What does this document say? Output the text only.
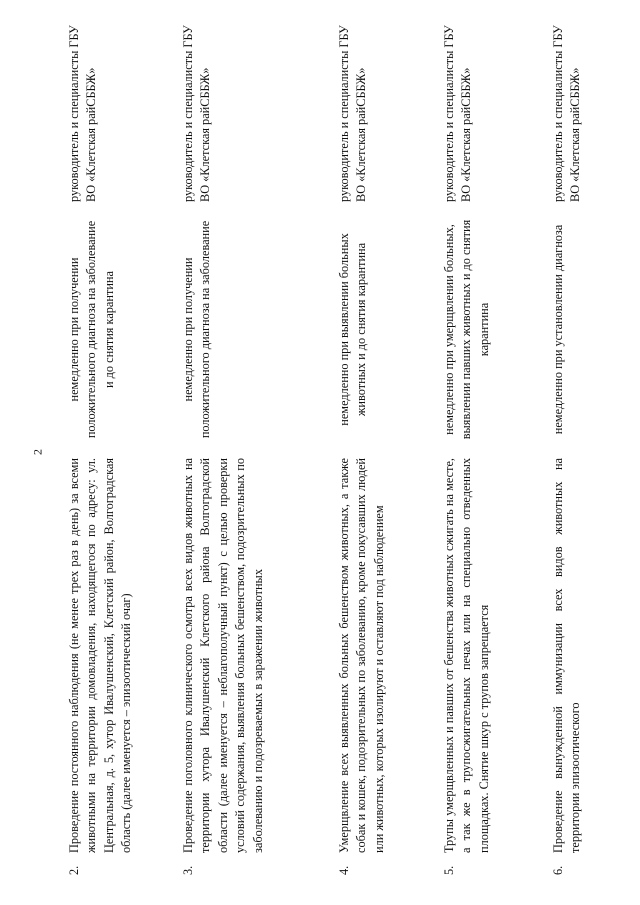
2
2.
Проведение постоянного наблюдения (не менее трех раз в день) за всеми животными на территории домовладения, находящегося по адресу: ул. Центральная, д. 5, хутор Ивалушенский, Клетский район, Волгоградская область (далее именуется – эпизоотический очаг)
немедленно при получении положительного диагноза на заболевание и до снятия карантина
руководитель и специалисты ГБУ ВО «Клетская райСББЖ»
3.
Проведение поголовного клинического осмотра всех видов животных на территории хутора Ивалушенский Клетского района Волгоградской области (далее именуется – неблагополучный пункт) с целью проверки условий содержания, выявления больных бешенством, подозрительных по заболеванию и подозреваемых в заражении животных
немедленно при получении положительного диагноза на заболевание
руководитель и специалисты ГБУ ВО «Клетская райСББЖ»
4.
Умерщвление всех выявленных больных бешенством животных, а также собак и кошек, подозрительных по заболеванию, кроме покусавших людей или животных, которых изолируют и оставляют под наблюдением
немедленно при выявлении больных животных и до снятия карантина
руководитель и специалисты ГБУ ВО «Клетская райСББЖ»
5.
Трупы умерщвленных и павших от бешенства животных сжигать на месте, а так же в трупосжигательных печах или на специально отведенных площадках. Снятие шкур с трупов запрещается
немедленно при умерщвлении больных, выявлении павших животных и до снятия карантина
руководитель и специалисты ГБУ ВО «Клетская райСББЖ»
6.
Проведение вынужденной иммунизации всех видов животных на территории эпизоотического
немедленно при установлении диагноза
руководитель и специалисты ГБУ ВО «Клетская райСББЖ»
